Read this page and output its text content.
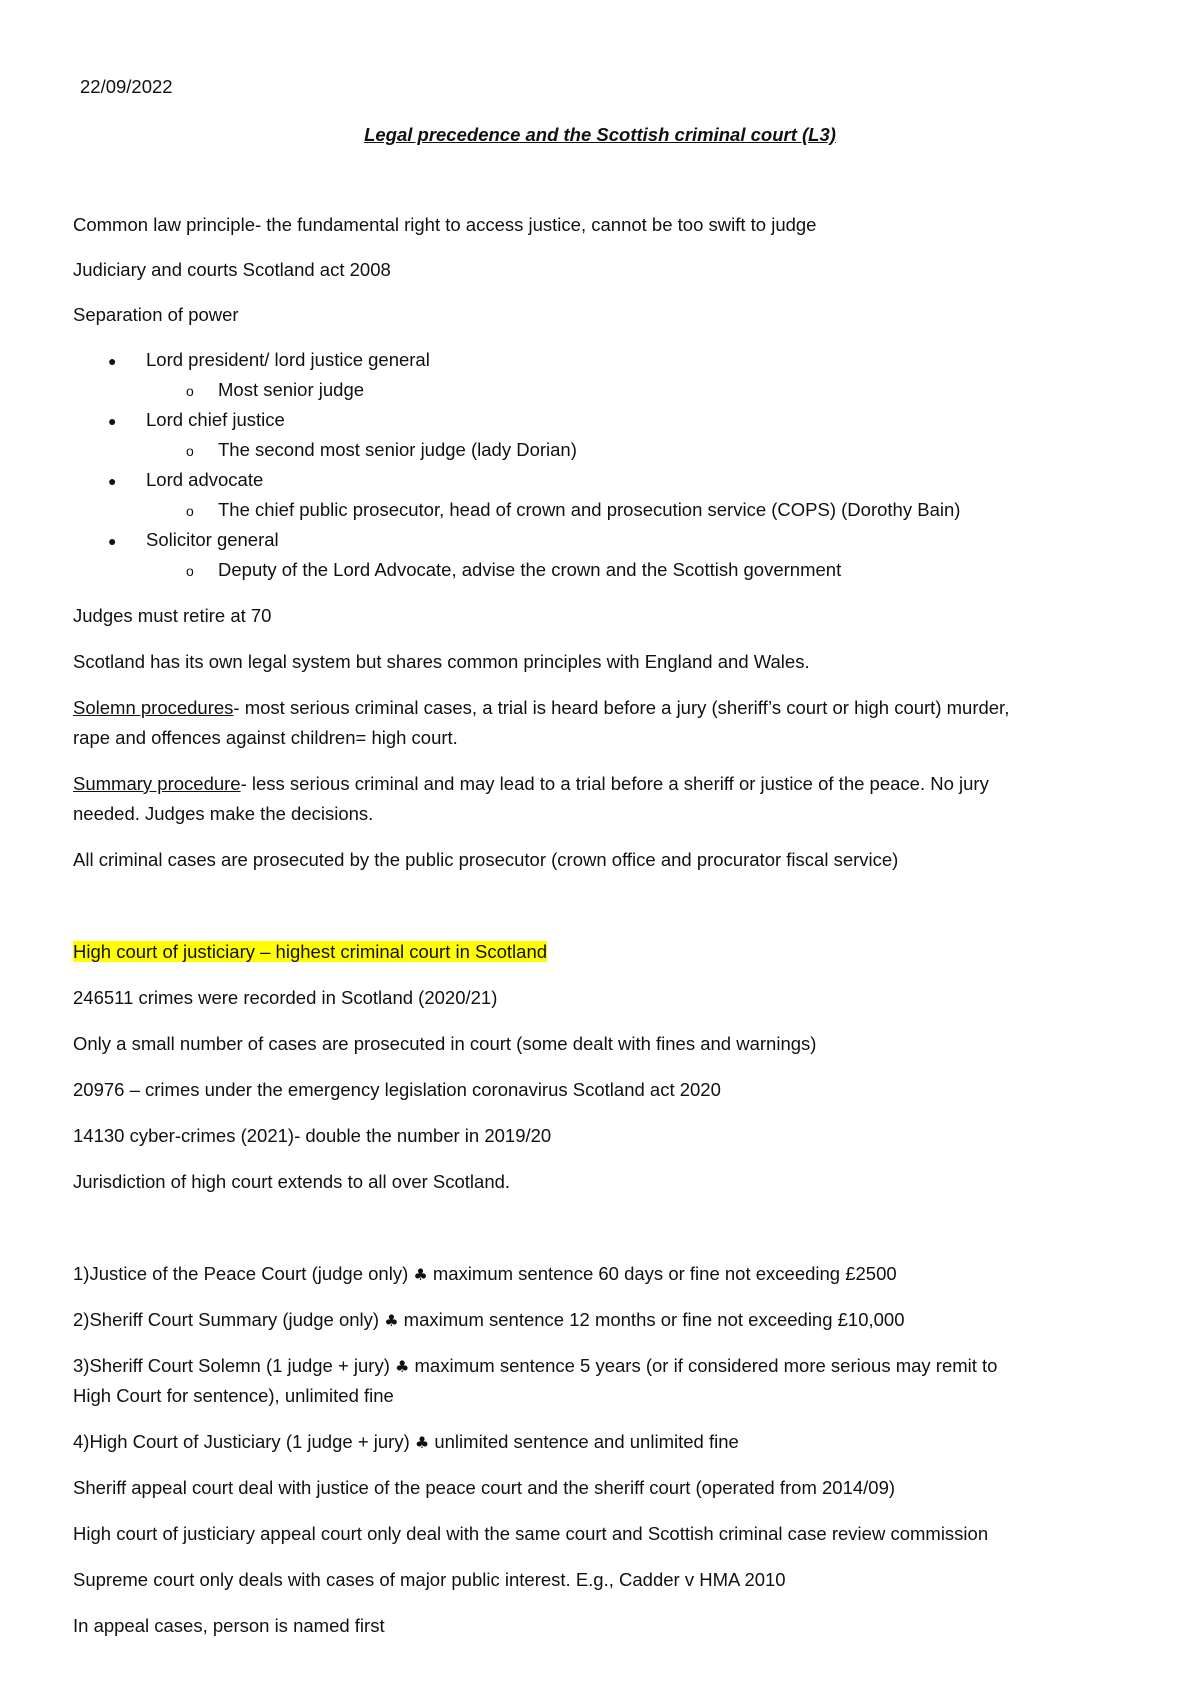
22/09/2022

Legal precedence and the Scottish criminal court (L3)

Common law principle- the fundamental right to access justice, cannot be too swift to judge

Judiciary and courts Scotland act 2008

Separation of power

● Lord president/ lord justice general

o Most senior judge

● Lord chief justice

o The second most senior judge (lady Dorian)

● Lord advocate

o The chief public prosecutor, head of crown and prosecution service (COPS) (Dorothy Bain)

● Solicitor general

o Deputy of the Lord Advocate, advise the crown and the Scottish government

Judges must retire at 70

Scotland has its own legal system but shares common principles with England and Wales.

Solemn procedures- most serious criminal cases, a trial is heard before a jury (sheriff’s court or high court) murder,

rape and offences against children= high court.

Summary procedure- less serious criminal and may lead to a trial before a sheriff or justice of the peace. No jury

needed. Judges make the decisions.

All criminal cases are prosecuted by the public prosecutor (crown office and procurator fiscal service)

High court of justiciary – highest criminal court in Scotland

246511 crimes were recorded in Scotland (2020/21)

Only a small number of cases are prosecuted in court (some dealt with fines and warnings)

20976 – crimes under the emergency legislation coronavirus Scotland act 2020

14130 cyber-crimes (2021)- double the number in 2019/20

Jurisdiction of high court extends to all over Scotland.

1)Justice of the Peace Court (judge only) ♣ maximum sentence 60 days or fine not exceeding £2500

2)Sheriff Court Summary (judge only) ♣ maximum sentence 12 months or fine not exceeding £10,000

3)Sheriff Court Solemn (1 judge + jury) ♣ maximum sentence 5 years (or if considered more serious may remit to

High Court for sentence), unlimited fine

4)High Court of Justiciary (1 judge + jury) ♣ unlimited sentence and unlimited fine

Sheriff appeal court deal with justice of the peace court and the sheriff court (operated from 2014/09)

High court of justiciary appeal court only deal with the same court and Scottish criminal case review commission

Supreme court only deals with cases of major public interest. E.g., Cadder v HMA 2010

In appeal cases, person is named first
